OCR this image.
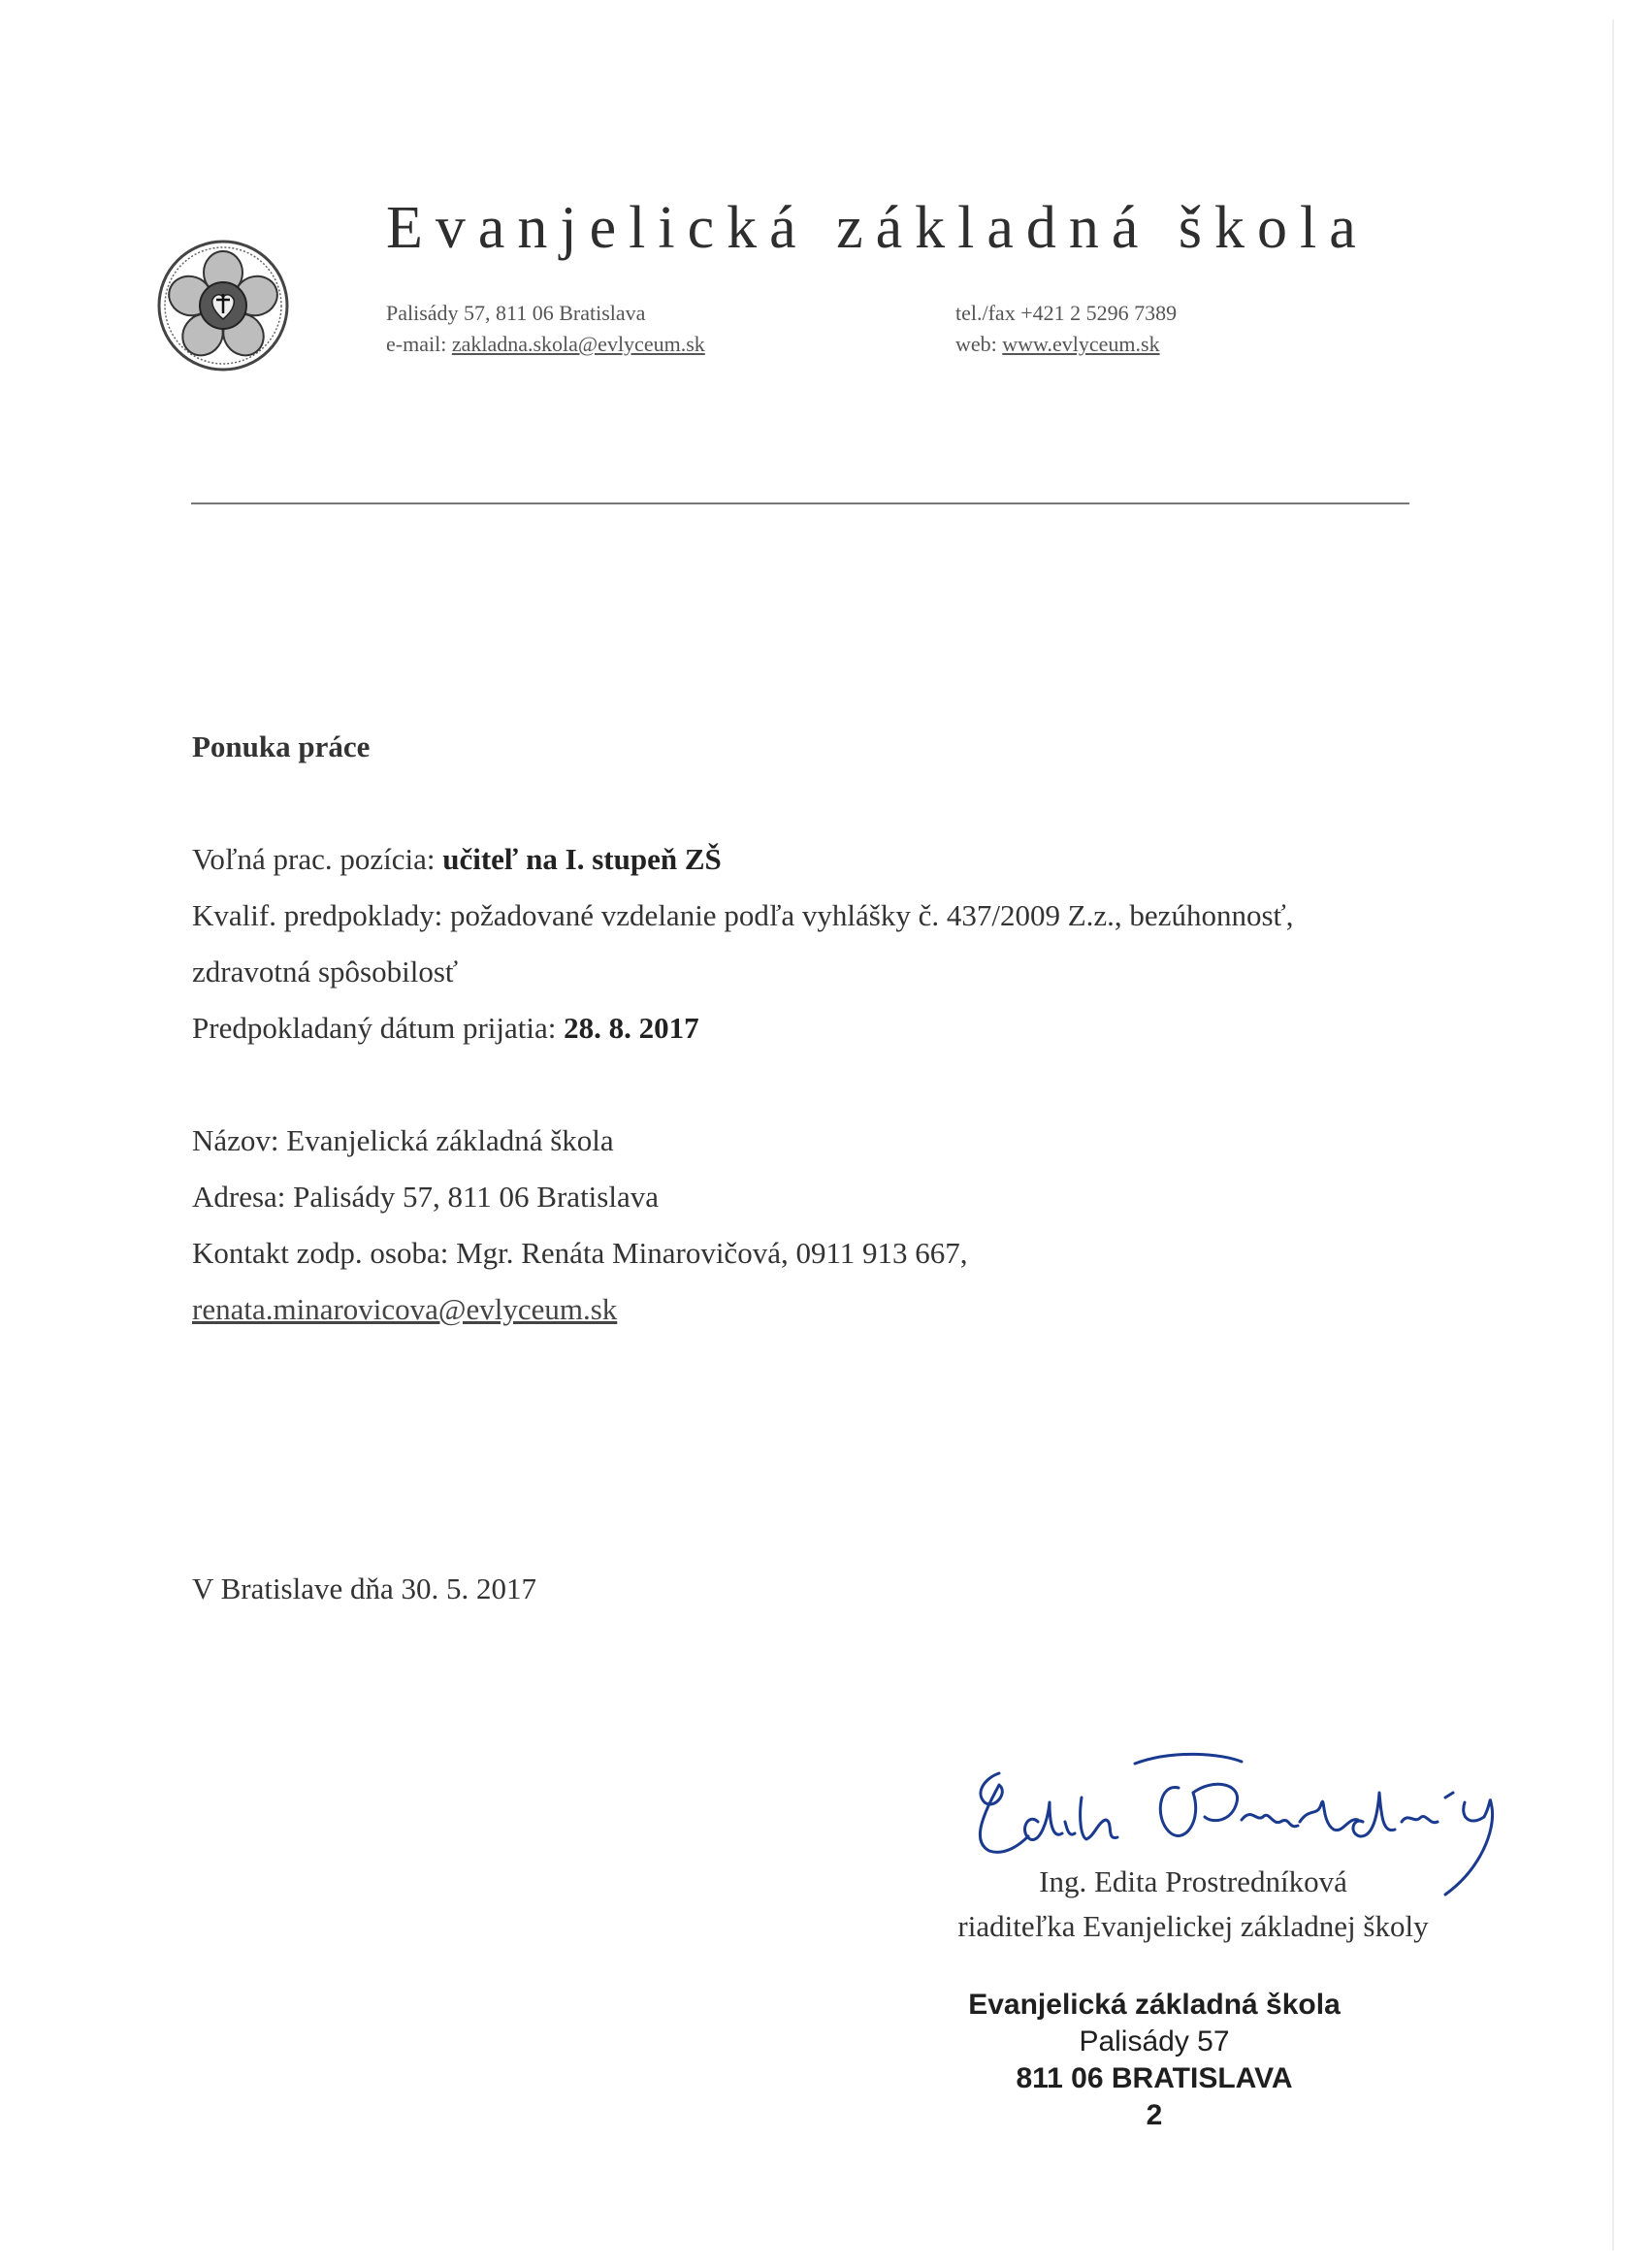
Evanjelická základná škola
Palisády 57, 811 06 Bratislava
e-mail: zakladna.skola@evlyceum.sk
tel./fax +421 2 5296 7389
web: www.evlyceum.sk
Ponuka práce
Voľná prac. pozícia: učiteľ na I. stupeň ZŠ
Kvalif. predpoklady: požadované vzdelanie podľa vyhlášky č. 437/2009 Z.z., bezúhonnosť,
zdravotná spôsobilosť
Predpokladaný dátum prijatia: 28. 8. 2017
Názov: Evanjelická základná škola
Adresa: Palisády 57, 811 06 Bratislava
Kontakt zodp. osoba: Mgr. Renáta Minarovičová, 0911 913 667,
renata.minarovicova@evlyceum.sk
V Bratislave dňa 30. 5. 2017
Ing. Edita Prostredníková
riaditeľka Evanjelickej základnej školy
Evanjelická základná škola
Palisády 57
811 06 BRATISLAVA
2
